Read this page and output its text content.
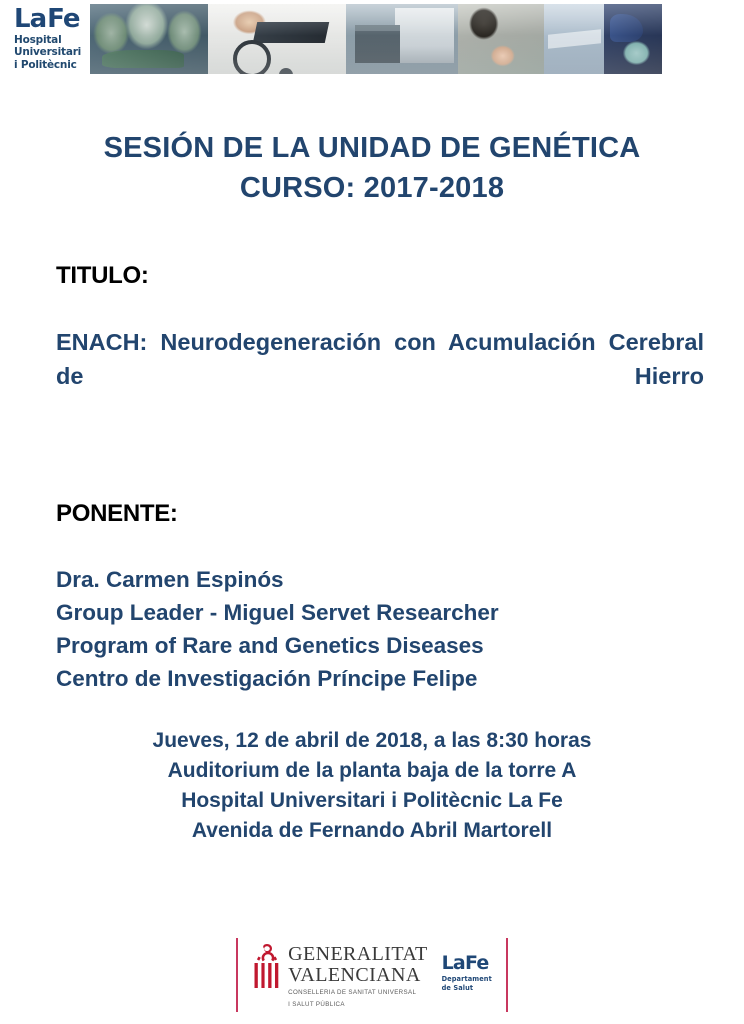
LaFe
Hospital
Universitari
i Politècnic
SESIÓN DE LA UNIDAD DE GENÉTICA
CURSO: 2017-2018
TITULO:
ENACH: Neurodegeneración con Acumulación Cerebral de Hierro
PONENTE:
Dra. Carmen Espinós
Group Leader - Miguel Servet Researcher
Program of Rare and Genetics Diseases
Centro de Investigación Príncipe Felipe
Jueves, 12 de abril de 2018, a las 8:30 horas
Auditorium de la planta baja de la torre A
Hospital Universitari i Politècnic La Fe
Avenida de Fernando Abril Martorell
GENERALITAT
VALENCIANA
CONSELLERIA DE SANITAT UNIVERSAL
I SALUT PÚBLICA
LaFe
Departament
de Salut
